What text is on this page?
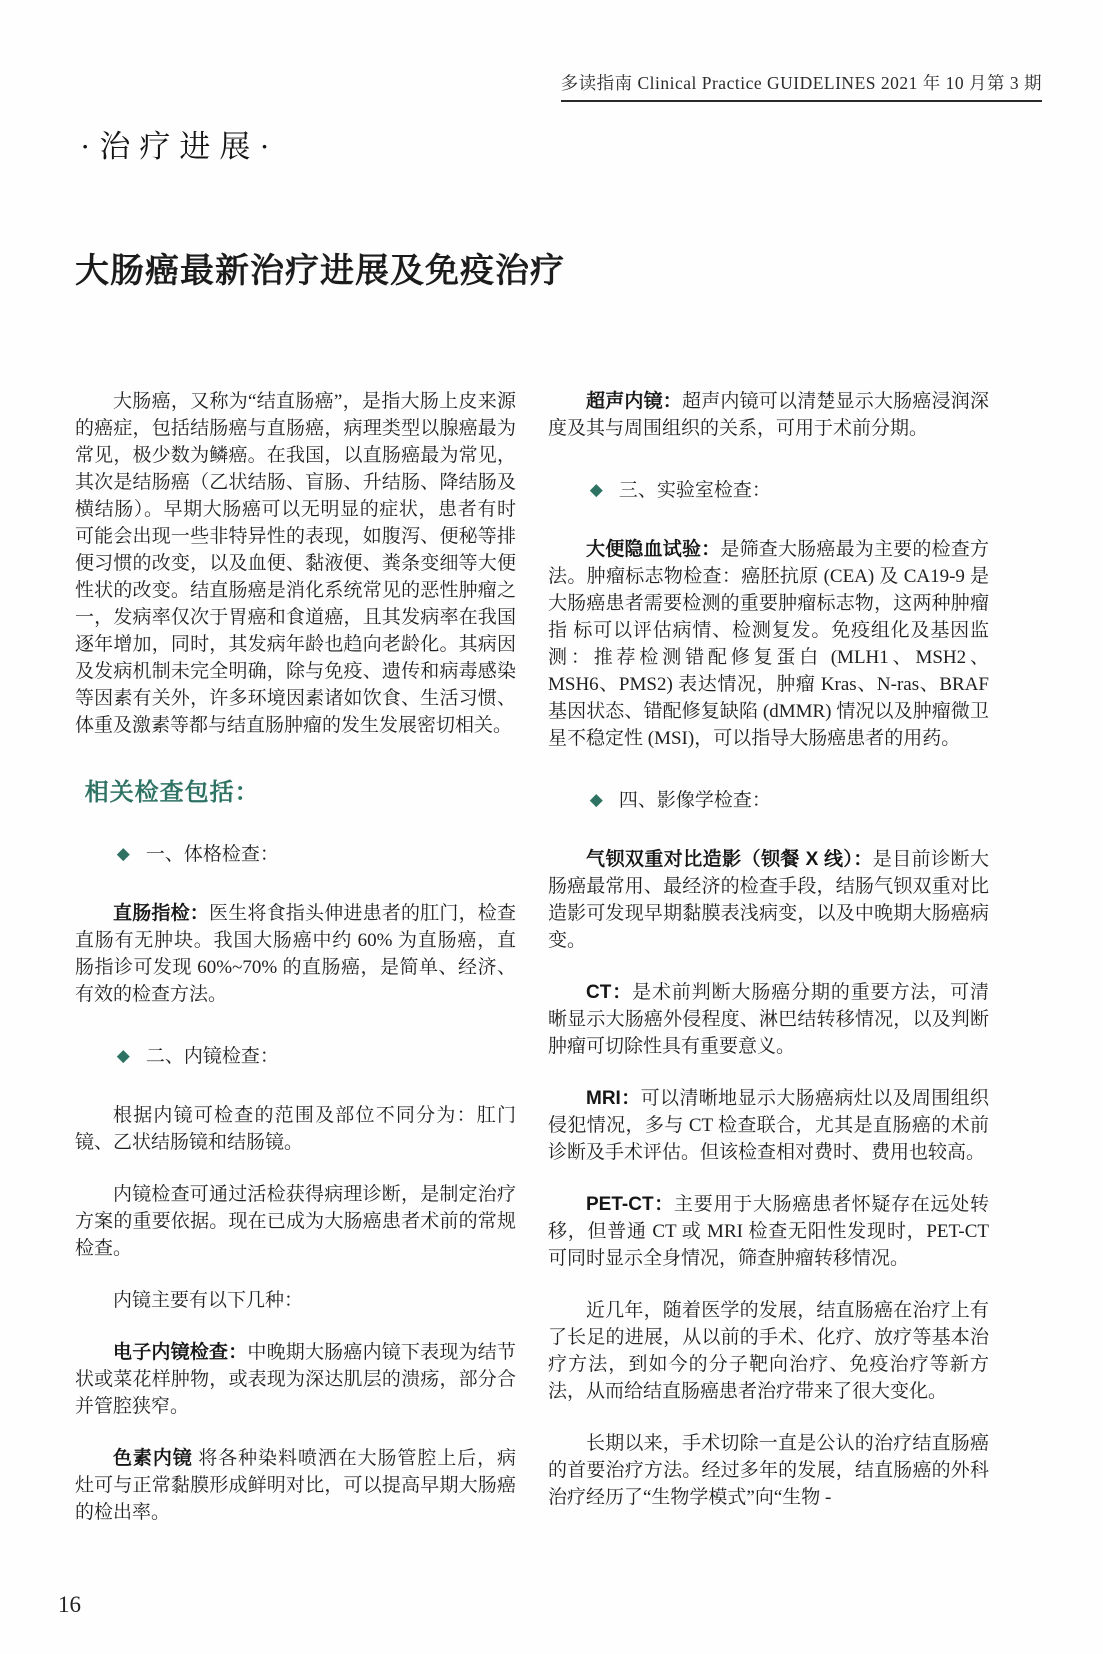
多读指南 Clinical Practice GUIDELINES 2021 年 10 月第 3 期
·治疗进展·
大肠癌最新治疗进展及免疫治疗

大肠癌，又称为“结直肠癌”，是指大肠上皮来源的癌症，包括结肠癌与直肠癌，病理类型以腺癌最为常见，极少数为鳞癌。在我国，以直肠癌最为常见，其次是结肠癌（乙状结肠、盲肠、升结肠、降结肠及横结肠）。早期大肠癌可以无明显的症状，患者有时可能会出现一些非特异性的表现，如腹泻、便秘等排便习惯的改变，以及血便、黏液便、粪条变细等大便性状的改变。结直肠癌是消化系统常见的恶性肿瘤之一，发病率仅次于胃癌和食道癌，且其发病率在我国逐年增加，同时，其发病年龄也趋向老龄化。其病因及发病机制未完全明确，除与免疫、遗传和病毒感染等因素有关外，许多环境因素诸如饮食、生活习惯、体重及激素等都与结直肠肿瘤的发生发展密切相关。

相关检查包括：

◆ 一、体格检查：

直肠指检：医生将食指头伸进患者的肛门，检查直肠有无肿块。我国大肠癌中约 60% 为直肠癌，直肠指诊可发现 60%~70% 的直肠癌，是简单、经济、有效的检查方法。

◆ 二、内镜检查：

根据内镜可检查的范围及部位不同分为：肛门镜、乙状结肠镜和结肠镜。

内镜检查可通过活检获得病理诊断，是制定治疗方案的重要依据。现在已成为大肠癌患者术前的常规检查。

内镜主要有以下几种：

电子内镜检查：中晚期大肠癌内镜下表现为结节状或菜花样肿物，或表现为深达肌层的溃疡，部分合并管腔狭窄。

色素内镜 将各种染料喷洒在大肠管腔上后，病灶可与正常黏膜形成鲜明对比，可以提高早期大肠癌的检出率。

超声内镜：超声内镜可以清楚显示大肠癌浸润深度及其与周围组织的关系，可用于术前分期。

◆ 三、实验室检查：

大便隐血试验：是筛查大肠癌最为主要的检查方法。肿瘤标志物检查：癌胚抗原 (CEA) 及 CA19-9 是大肠癌患者需要检测的重要肿瘤标志物，这两种肿瘤指 标可以评估病情、检测复发。免疫组化及基因监测：推荐检测错配修复蛋白 (MLH1、MSH2、MSH6、PMS2) 表达情况，肿瘤 Kras、N-ras、BRAF 基因状态、错配修复缺陷 (dMMR) 情况以及肿瘤微卫星不稳定性 (MSI)，可以指导大肠癌患者的用药。

◆ 四、影像学检查：

气钡双重对比造影（钡餐 X 线）：是目前诊断大肠癌最常用、最经济的检查手段，结肠气钡双重对比造影可发现早期黏膜表浅病变，以及中晚期大肠癌病变。

CT：是术前判断大肠癌分期的重要方法，可清晰显示大肠癌外侵程度、淋巴结转移情况，以及判断肿瘤可切除性具有重要意义。

MRI：可以清晰地显示大肠癌病灶以及周围组织侵犯情况，多与 CT 检查联合，尤其是直肠癌的术前诊断及手术评估。但该检查相对费时、费用也较高。

PET-CT：主要用于大肠癌患者怀疑存在远处转移，但普通 CT 或 MRI 检查无阳性发现时，PET-CT 可同时显示全身情况，筛查肿瘤转移情况。

近几年，随着医学的发展，结直肠癌在治疗上有了长足的进展，从以前的手术、化疗、放疗等基本治疗方法，到如今的分子靶向治疗、免疫治疗等新方法，从而给结直肠癌患者治疗带来了很大变化。

长期以来，手术切除一直是公认的治疗结直肠癌的首要治疗方法。经过多年的发展，结直肠癌的外科治疗经历了“生物学模式”向“生物 -

16
